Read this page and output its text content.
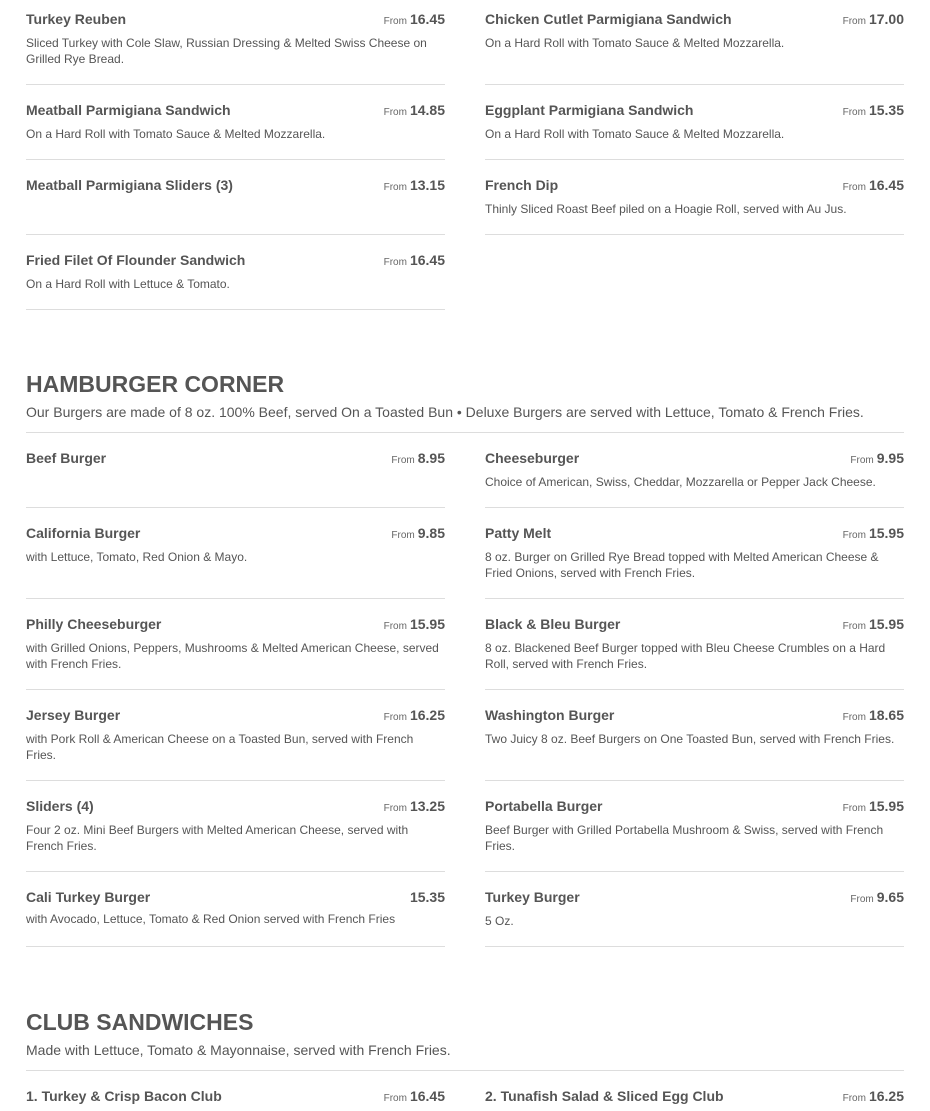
Turkey Reuben	From 16.45
Sliced Turkey with Cole Slaw, Russian Dressing & Melted Swiss Cheese on Grilled Rye Bread.
Meatball Parmigiana Sandwich	From 14.85
On a Hard Roll with Tomato Sauce & Melted Mozzarella.
Meatball Parmigiana Sliders (3)	From 13.15
Fried Filet Of Flounder Sandwich	From 16.45
On a Hard Roll with Lettuce & Tomato.
Chicken Cutlet Parmigiana Sandwich	From 17.00
On a Hard Roll with Tomato Sauce & Melted Mozzarella.
Eggplant Parmigiana Sandwich	From 15.35
On a Hard Roll with Tomato Sauce & Melted Mozzarella.
French Dip	From 16.45
Thinly Sliced Roast Beef piled on a Hoagie Roll, served with Au Jus.
HAMBURGER CORNER
Our Burgers are made of 8 oz. 100% Beef, served On a Toasted Bun • Deluxe Burgers are served with Lettuce, Tomato & French Fries.
Beef Burger	From 8.95
California Burger	From 9.85
with Lettuce, Tomato, Red Onion & Mayo.
Philly Cheeseburger	From 15.95
with Grilled Onions, Peppers, Mushrooms & Melted American Cheese, served with French Fries.
Jersey Burger	From 16.25
with Pork Roll & American Cheese on a Toasted Bun, served with French Fries.
Sliders (4)	From 13.25
Four 2 oz. Mini Beef Burgers with Melted American Cheese, served with French Fries.
Cali Turkey Burger	15.35
with Avocado, Lettuce, Tomato & Red Onion served with French Fries
Cheeseburger	From 9.95
Choice of American, Swiss, Cheddar, Mozzarella or Pepper Jack Cheese.
Patty Melt	From 15.95
8 oz. Burger on Grilled Rye Bread topped with Melted American Cheese & Fried Onions, served with French Fries.
Black & Bleu Burger	From 15.95
8 oz. Blackened Beef Burger topped with Bleu Cheese Crumbles on a Hard Roll, served with French Fries.
Washington Burger	From 18.65
Two Juicy 8 oz. Beef Burgers on One Toasted Bun, served with French Fries.
Portabella Burger	From 15.95
Beef Burger with Grilled Portabella Mushroom & Swiss, served with French Fries.
Turkey Burger	From 9.65
5 Oz.
CLUB SANDWICHES
Made with Lettuce, Tomato & Mayonnaise, served with French Fries.
1. Turkey & Crisp Bacon Club	From 16.45	2. Tunafish Salad & Sliced Egg Club	From 16.25
